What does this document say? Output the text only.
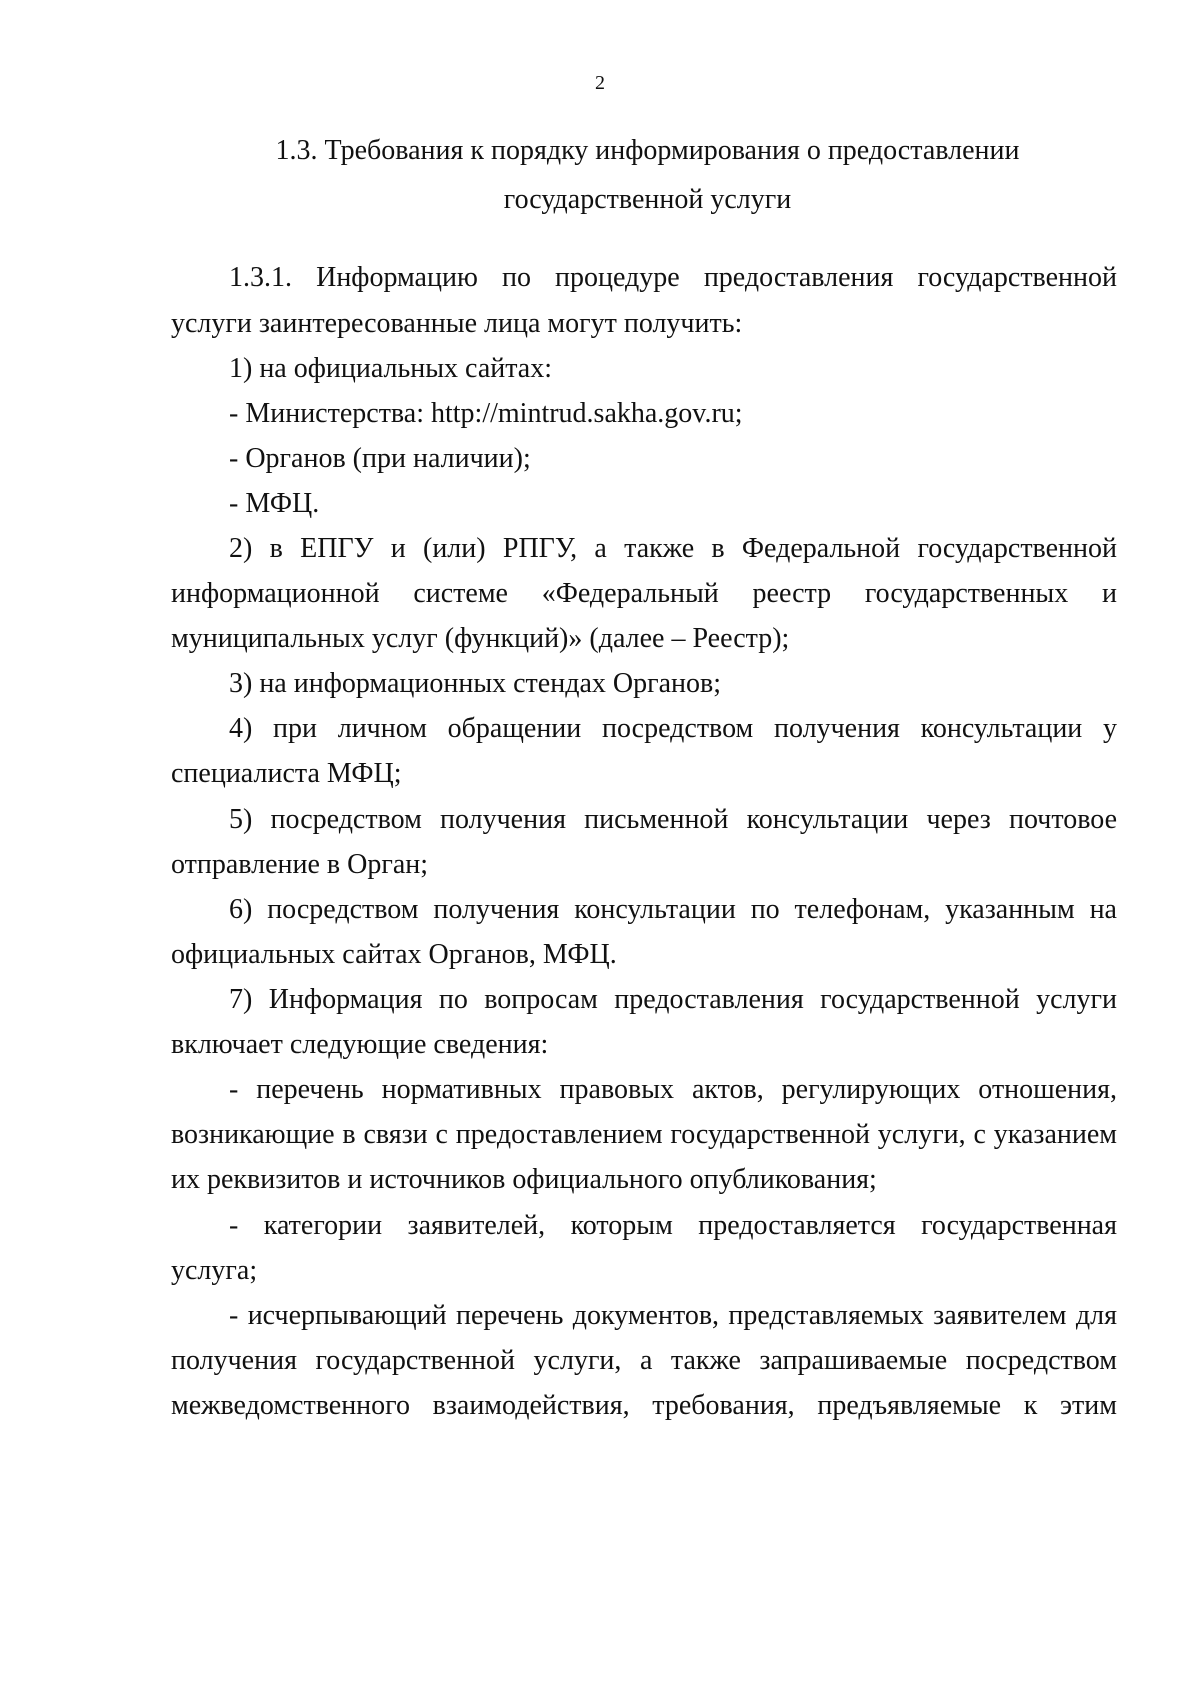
2
1.3. Требования к порядку информирования о предоставлении
государственной услуги
1.3.1. Информацию по процедуре предоставления государственной
услуги заинтересованные лица могут получить:
1) на официальных сайтах:
- Министерства: http://mintrud.sakha.gov.ru;
- Органов (при наличии);
- МФЦ.
2) в ЕПГУ и (или) РПГУ, а также в Федеральной государственной
информационной системе «Федеральный реестр государственных и
муниципальных услуг (функций)» (далее – Реестр);
3) на информационных стендах Органов;
4) при личном обращении посредством получения консультации у
специалиста МФЦ;
5) посредством получения письменной консультации через почтовое
отправление в Орган;
6) посредством получения консультации по телефонам, указанным на
официальных сайтах Органов, МФЦ.
7) Информация по вопросам предоставления государственной услуги
включает следующие сведения:
- перечень нормативных правовых актов, регулирующих отношения,
возникающие в связи с предоставлением государственной услуги, с указанием
их реквизитов и источников официального опубликования;
- категории заявителей, которым предоставляется государственная
услуга;
- исчерпывающий перечень документов, представляемых заявителем для
получения государственной услуги, а также запрашиваемые посредством
межведомственного взаимодействия, требования, предъявляемые к этим
